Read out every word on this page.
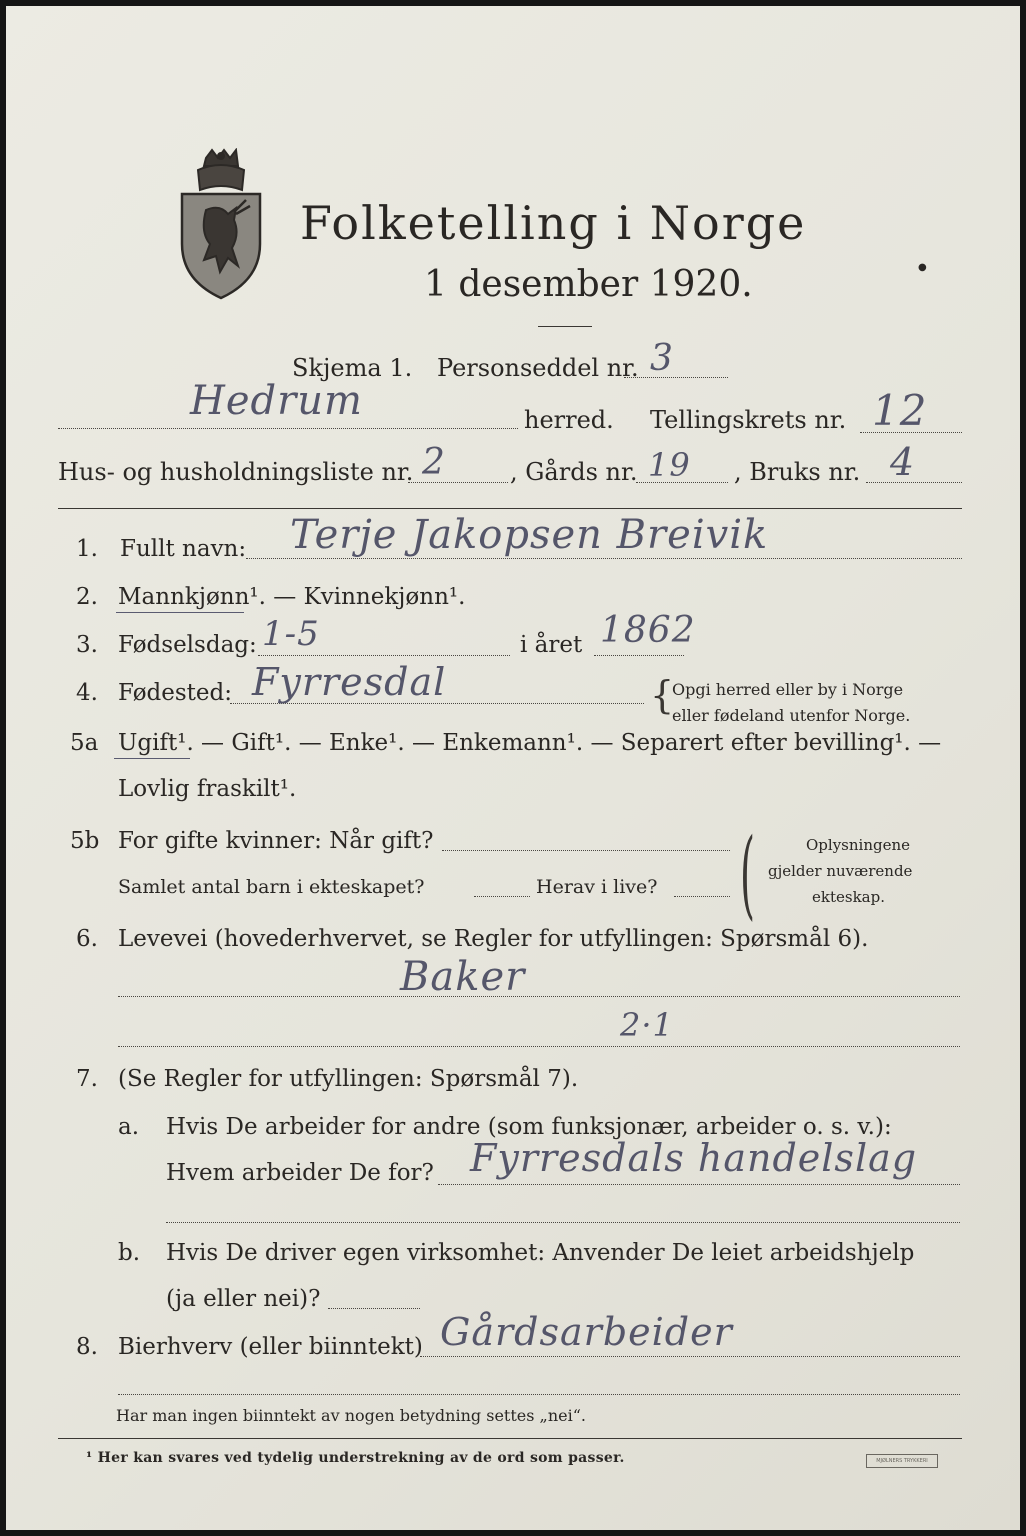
Folketelling i Norge
1 desember 1920.	●
Skjema 1. Personseddel nr. 3
Hedrum	herred. Tellingskrets nr. 12
Hus- og husholdningsliste nr. 2	, Gårds nr. 19 , Bruks nr. 4
1. Fullt navn: Terje Jakopsen Breivik
2. Mannkjønn¹. — Kvinnekjønn¹.
3. Fødselsdag: 1-5	i året 1862
4. Fødested: Fyrresdal	{
Opgi herred eller by i Norge
eller fødeland utenfor Norge.
5a Ugift¹. — Gift¹. — Enke¹. — Enkemann¹. — Separert efter bevilling¹. —
Lovlig fraskilt¹.
5b For gifte kvinner: Når gift?
Samlet antal barn i ekteskapet?	Herav i live? (	Oplysningene
gjelder nuværende
ekteskap.
6. Levevei (hovederhvervet, se Regler for utfyllingen: Spørsmål 6).
Baker
2·1
7. (Se Regler for utfyllingen: Spørsmål 7).
a. Hvis De arbeider for andre (som funksjonær, arbeider o. s. v.):
Hvem arbeider De for? Fyrresdals handelslag
b. Hvis De driver egen virksomhet: Anvender De leiet arbeidshjelp
(ja eller nei)?
8. Bierhverv (eller biinntekt) Gårdsarbeider
Har man ingen biinntekt av nogen betydning settes „nei“.
¹ Her kan svares ved tydelig understrekning av de ord som passer.	MJØLNERS TRYKKERI
